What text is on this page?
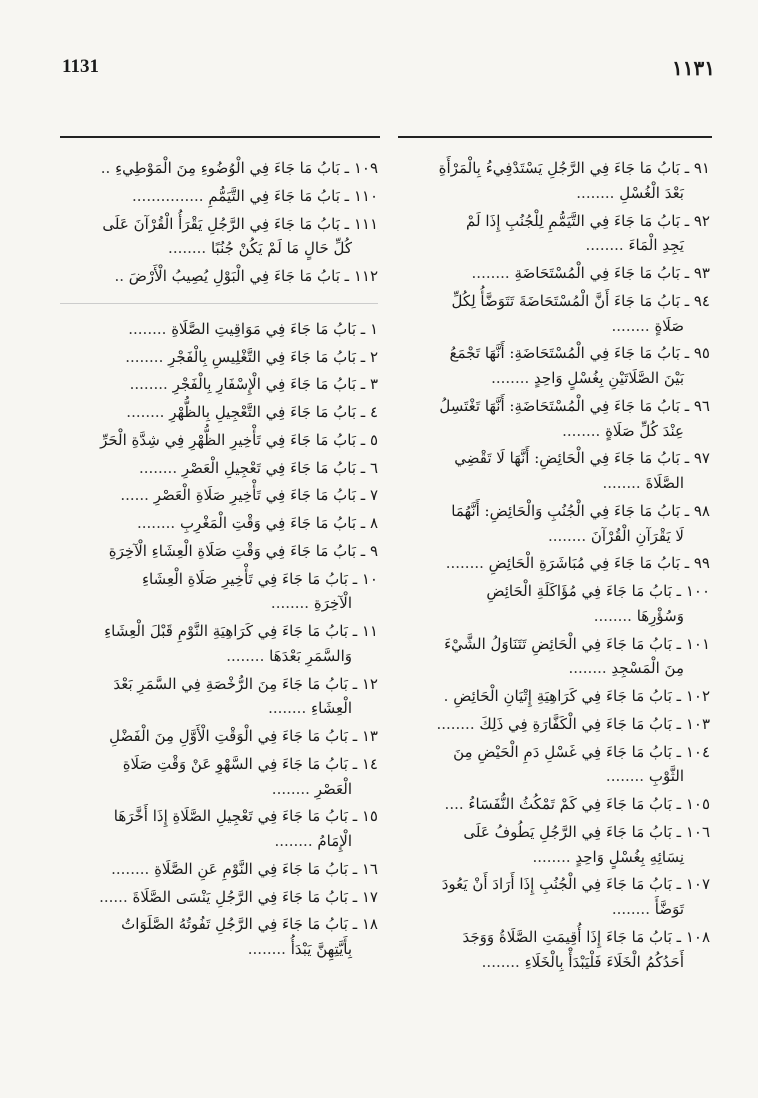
1131	١١٣١
٩١ ـ بَابُ مَا جَاءَ فِي الرَّجُلِ يَسْتَدْفِيءُ بِالْمَرْأَةِ
بَعْدَ الْغُسْلِ ........
٩٢ ـ بَابُ مَا جَاءَ فِي التَّيَمُّمِ لِلْجُنُبِ إِذَا لَمْ
يَجِدِ الْمَاءَ ........
٩٣ ـ بَابُ مَا جَاءَ فِي الْمُسْتَحَاضَةِ ........
٩٤ ـ بَابُ مَا جَاءَ أَنَّ الْمُسْتَحَاضَةَ تَتَوَضَّأُ لِكُلِّ
صَلَاةٍ ........
٩٥ ـ بَابُ مَا جَاءَ فِي الْمُسْتَحَاضَةِ: أَنَّهَا تَجْمَعُ
بَيْنَ الصَّلَاتَيْنِ بِغُسْلٍ وَاحِدٍ ........
٩٦ ـ بَابُ مَا جَاءَ فِي الْمُسْتَحَاضَةِ: أَنَّهَا تَغْتَسِلُ
عِنْدَ كُلِّ صَلَاةٍ ........
٩٧ ـ بَابُ مَا جَاءَ فِي الْحَائِضِ: أَنَّهَا لَا تَقْضِي
الصَّلَاةَ ........
٩٨ ـ بَابُ مَا جَاءَ فِي الْجُنُبِ وَالْحَائِضِ: أَنَّهُمَا
لَا يَقْرَآنِ الْقُرْآنَ ........
٩٩ ـ بَابُ مَا جَاءَ فِي مُبَاشَرَةِ الْحَائِضِ ........
١٠٠ ـ بَابُ مَا جَاءَ فِي مُؤَاكَلَةِ الْحَائِضِ
وَسُؤْرِهَا ........
١٠١ ـ بَابُ مَا جَاءَ فِي الْحَائِضِ تَتَنَاوَلُ الشَّيْءَ
مِنَ الْمَسْجِدِ ........
١٠٢ ـ بَابُ مَا جَاءَ فِي كَرَاهِيَةِ إِتْيَانِ الْحَائِضِ .
١٠٣ ـ بَابُ مَا جَاءَ فِي الْكَفَّارَةِ فِي ذَلِكَ ........
١٠٤ ـ بَابُ مَا جَاءَ فِي غَسْلِ دَمِ الْحَيْضِ مِنَ
الثَّوْبِ ........
١٠٥ ـ بَابُ مَا جَاءَ فِي كَمْ تَمْكُثُ النُّفَسَاءُ ....
١٠٦ ـ بَابُ مَا جَاءَ فِي الرَّجُلِ يَطُوفُ عَلَى
نِسَائِهِ بِغُسْلٍ وَاحِدٍ ........
١٠٧ ـ بَابُ مَا جَاءَ فِي الْجُنُبِ إِذَا أَرَادَ أَنْ يَعُودَ
تَوَضَّأَ ........
١٠٨ ـ بَابُ مَا جَاءَ إِذَا أُقِيمَتِ الصَّلَاةُ وَوَجَدَ
أَحَدُكُمُ الْخَلَاءَ فَلْيَبْدَأْ بِالْخَلَاءِ ........
١٠٩ ـ بَابُ مَا جَاءَ فِي الْوُضُوءِ مِنَ الْمَوْطِيءِ ..
١١٠ ـ بَابُ مَا جَاءَ فِي التَّيَمُّمِ ...............
١١١ ـ بَابُ مَا جَاءَ فِي الرَّجُلِ يَقْرَأُ الْقُرْآنَ عَلَى
كُلِّ حَالٍ مَا لَمْ يَكُنْ جُنُبًا ........
١١٢ ـ بَابُ مَا جَاءَ فِي الْبَوْلِ يُصِيبُ الْأَرْضَ ..
١ ـ بَابُ مَا جَاءَ فِي مَوَاقِيتِ الصَّلَاةِ ........
٢ ـ بَابُ مَا جَاءَ فِي التَّغْلِيسِ بِالْفَجْرِ ........
٣ ـ بَابُ مَا جَاءَ فِي الْإِسْفَارِ بِالْفَجْرِ ........
٤ ـ بَابُ مَا جَاءَ فِي التَّعْجِيلِ بِالظُّهْرِ ........
٥ ـ بَابُ مَا جَاءَ فِي تَأْخِيرِ الظُّهْرِ فِي شِدَّةِ الْحَرِّ
٦ ـ بَابُ مَا جَاءَ فِي تَعْجِيلِ الْعَصْرِ ........
٧ ـ بَابُ مَا جَاءَ فِي تَأْخِيرِ صَلَاةِ الْعَصْرِ ......
٨ ـ بَابُ مَا جَاءَ فِي وَقْتِ الْمَغْرِبِ ........
٩ ـ بَابُ مَا جَاءَ فِي وَقْتِ صَلَاةِ الْعِشَاءِ الْآخِرَةِ
١٠ ـ بَابُ مَا جَاءَ فِي تَأْخِيرِ صَلَاةِ الْعِشَاءِ
الْآخِرَةِ ........
١١ ـ بَابُ مَا جَاءَ فِي كَرَاهِيَةِ النَّوْمِ قَبْلَ الْعِشَاءِ
وَالسَّمَرِ بَعْدَهَا ........
١٢ ـ بَابُ مَا جَاءَ مِنَ الرُّخْصَةِ فِي السَّمَرِ بَعْدَ
الْعِشَاءِ ........
١٣ ـ بَابُ مَا جَاءَ فِي الْوَقْتِ الْأَوَّلِ مِنَ الْفَضْلِ
١٤ ـ بَابُ مَا جَاءَ فِي السَّهْوِ عَنْ وَقْتِ صَلَاةِ
الْعَصْرِ ........
١٥ ـ بَابُ مَا جَاءَ فِي تَعْجِيلِ الصَّلَاةِ إِذَا أَخَّرَهَا
الْإِمَامُ ........
١٦ ـ بَابُ مَا جَاءَ فِي النَّوْمِ عَنِ الصَّلَاةِ ........
١٧ ـ بَابُ مَا جَاءَ فِي الرَّجُلِ يَنْسَى الصَّلَاةَ ......
١٨ ـ بَابُ مَا جَاءَ فِي الرَّجُلِ تَفُوتُهُ الصَّلَوَاتُ
بِأَيَّتِهِنَّ يَبْدَأُ ........
